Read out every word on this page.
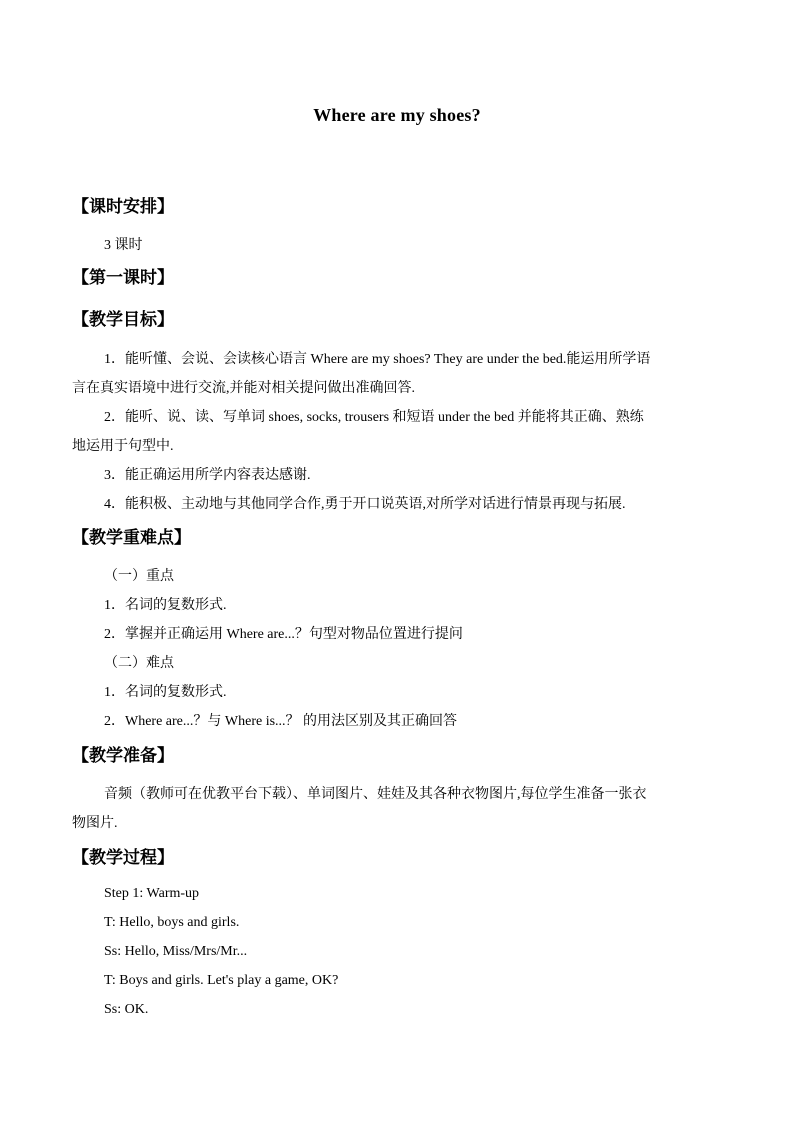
Where are my shoes?
【课时安排】
3 课时
【第一课时】
【教学目标】
1．能听懂、会说、会读核心语言 Where are my shoes? They are under the bed.能运用所学语
言在真实语境中进行交流,并能对相关提问做出准确回答.
2．能听、说、读、写单词 shoes, socks, trousers 和短语 under the bed 并能将其正确、熟练
地运用于句型中.
3．能正确运用所学内容表达感谢.
4．能积极、主动地与其他同学合作,勇于开口说英语,对所学对话进行情景再现与拓展.
【教学重难点】
（一）重点
1．名词的复数形式.
2．掌握并正确运用 Where are...？句型对物品位置进行提问
（二）难点
1．名词的复数形式.
2．Where are...？与 Where is...？ 的用法区别及其正确回答
【教学准备】
音频（教师可在优教平台下载）、单词图片、娃娃及其各种衣物图片,每位学生准备一张衣
物图片.
【教学过程】
Step 1: Warm-up
T: Hello, boys and girls.
Ss: Hello, Miss/Mrs/Mr...
T: Boys and girls. Let's play a game, OK?
Ss: OK.
